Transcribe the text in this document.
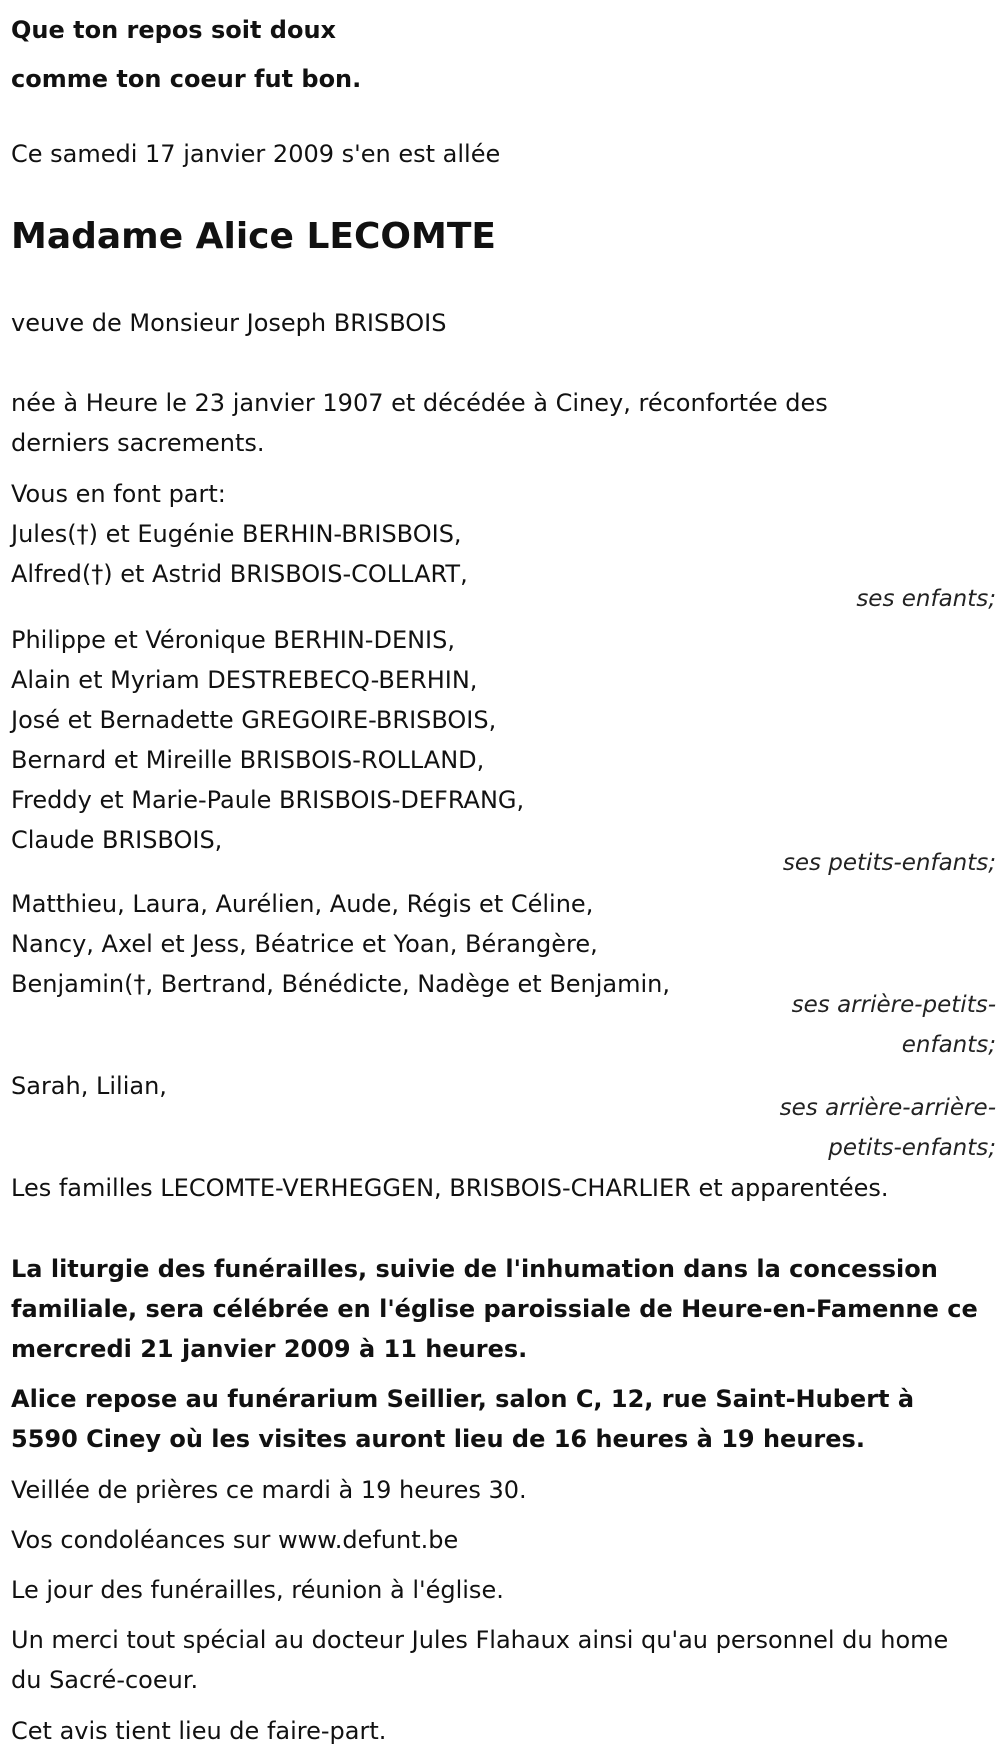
Que ton repos soit doux
comme ton coeur fut bon.
Ce samedi 17 janvier 2009 s'en est allée
Madame Alice LECOMTE
veuve de Monsieur Joseph BRISBOIS
née à Heure le 23 janvier 1907 et décédée à Ciney, réconfortée des derniers sacrements.
Vous en font part:
Jules(†) et Eugénie BERHIN-BRISBOIS,
Alfred(†) et Astrid BRISBOIS-COLLART,
ses enfants;
Philippe et Véronique BERHIN-DENIS,
Alain et Myriam DESTREBECQ-BERHIN,
José et Bernadette GREGOIRE-BRISBOIS,
Bernard et Mireille BRISBOIS-ROLLAND,
Freddy et Marie-Paule BRISBOIS-DEFRANG,
Claude BRISBOIS,
ses petits-enfants;
Matthieu, Laura, Aurélien, Aude, Régis et Céline,
Nancy, Axel et Jess, Béatrice et Yoan, Bérangère,
Benjamin(†, Bertrand, Bénédicte, Nadège et Benjamin,
ses arrière-petits-
enfants;
Sarah, Lilian,
ses arrière-arrière-
petits-enfants;
Les familles LECOMTE-VERHEGGEN, BRISBOIS-CHARLIER et apparentées.
La liturgie des funérailles, suivie de l'inhumation dans la concession familiale, sera célébrée en l'église paroissiale de Heure-en-Famenne ce mercredi 21 janvier 2009 à 11 heures.
Alice repose au funérarium Seillier, salon C, 12, rue Saint-Hubert à 5590 Ciney où les visites auront lieu de 16 heures à 19 heures.
Veillée de prières ce mardi à 19 heures 30.
Vos condoléances sur www.defunt.be
Le jour des funérailles, réunion à l'église.
Un merci tout spécial au docteur Jules Flahaux ainsi qu'au personnel du home du Sacré-coeur.
Cet avis tient lieu de faire-part.
